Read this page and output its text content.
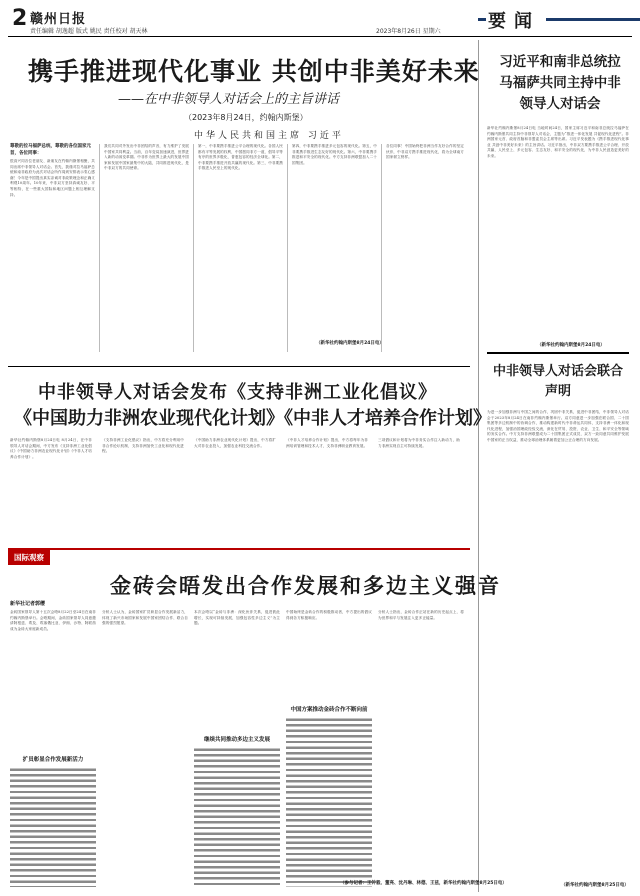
2 赣州日报
责任编辑 胡逸超 版式 姚民 责任校对 胡天林	2023年8月26日 星期六	要闻
携手推进现代化事业 共创中非美好未来
——在中非领导人对话会上的主旨讲话
（2023年8月24日，约翰内斯堡）
中华人民共和国主席 习近平
尊敬的拉马福萨总统，尊敬的各位国家元首，各位同事：
很高兴同各位老朋友、新朋友在约翰内斯堡相聚，共同出席中非领导人对话会。首先，我谨对拉马福萨总统和南非政府为此次对话会所作周到安排表示衷心感谢！今年是中国提出真实亲诚对非政策理念和正确义利观10周年。10年来，中非双方坚持真诚友好、平等相待，在一些重大国际和地区问题上相互理解支持。
我们共同对外发出中非团结的声音，有力维护了发展中国家共同利益。当前，百年变局加速演进，世界进入新的动荡变革期。中非作为世界上最大的发展中国家和发展中国家最集中的大陆，共同推进现代化，是中非双方的共同使命。
第一，中非要携手推进公平合理的现代化。各国人民都有平等发展的权利，中国愿同非方一道，倡导平等有序的世界多极化、普惠包容的经济全球化。第二，中非要携手推进开放共赢的现代化。第三，中非要携手推进人民至上的现代化。
第四，中非要携手推进多元包容的现代化。第五，中非要携手推进生态友好的现代化。第六，中非要携手推进和平安全的现代化。中方支持非洲联盟加入二十国集团。
各位同事！中国始终把非洲当作友好合作的坚定伙伴，中非双方携手推进现代化，将为全球南方国家树立榜样。
（新华社约翰内斯堡8月24日电）
习近平和南非总统拉马福萨共同主持中非领导人对话会
新华社约翰内斯堡8月24日电 当地时间24日，国家主席习近平和南非总统拉马福萨在约翰内斯堡共同主持中非领导人对话会，主题为“推进一体化发展 共促现代化进程”。非洲国家元首、政府首脑和非盟委员会主席等出席。习近平发表题为《携手推进现代化事业 共创中非美好未来》的主旨讲话。习近平指出，中非双方要携手推进公平合理、开放共赢、人民至上、多元包容、生态友好、和平安全的现代化，为中非人民创造更美好的未来。
（新华社约翰内斯堡8月24日电）
中非领导人对话会联合声明
为进一步加强非洲与中国之间的合作，巩固中非关系，促进中非团结，中非领导人对话会于2023年8月24日在南非约翰内斯堡举行。双方同意进一步加强在联合国、二十国集团等多边机制中的协调合作，推动构建新时代中非命运共同体，支持非洲一体化和现代化进程，加强治国理政经验交流，深化在贸易、投资、农业、卫生、和平安全等领域的务实合作。中方支持非洲联盟成为二十国集团正式成员，双方一致同意共同维护发展中国家的正当权益，推动全球治理体系朝着更加公正合理的方向发展。
（新华社约翰内斯堡8月25日电）
中非领导人对话会发布《支持非洲工业化倡议》
《中国助力非洲农业现代化计划》《中非人才培养合作计划》
新华社约翰内斯堡8月24日电 8月24日，在中非领导人对话会期间，中方发布《支持非洲工业化倡议》《中国助力非洲农业现代化计划》《中非人才培养合作计划》。
《支持非洲工业化倡议》指出，中方将充分利用中非合作论坛机制，支持非洲加快工业化和现代化进程。
《中国助力非洲农业现代化计划》提出，中方将扩大对非农业投入，加强农业科技交流合作。
《中非人才培养合作计划》提出，中方将每年为非洲培训管理和技术人才，支持非洲职业教育发展。
三项倡议和计划将为中非务实合作注入新动力，助力非洲实现自主可持续发展。
国际观察
金砖会晤发出合作发展和多边主义强音
新华社记者郭缨
金砖国家领导人第十五次会晤8月22日至24日在南非约翰内斯堡举行。会晤期间，金砖国家领导人同意邀请阿根廷、埃及、埃塞俄比亚、伊朗、沙特、阿联酋成为金砖大家庭新成员。
扩员彰显合作发展新活力
分析人士认为，金砖国家扩员彰显合作发展新活力，体现了新兴市场国家和发展中国家团结合作、联合自强的强烈愿望。
本次会晤以“金砖与非洲：深化伙伴关系，促进彼此增长，实现可持续发展，加强包容性多边主义”为主题。
继续共同推动多边主义发展
中国始终是金砖合作的积极推动者，中方提出的倡议得到各方积极响应。
中国方案推动金砖合作不断向前
分析人士指出，金砖合作正站在新的历史起点上，将为世界和平与发展注入更多正能量。
（参与记者：王钟毅、董亮、沈丹琳、林德、王兹，新华社约翰内斯堡8月25日电）
